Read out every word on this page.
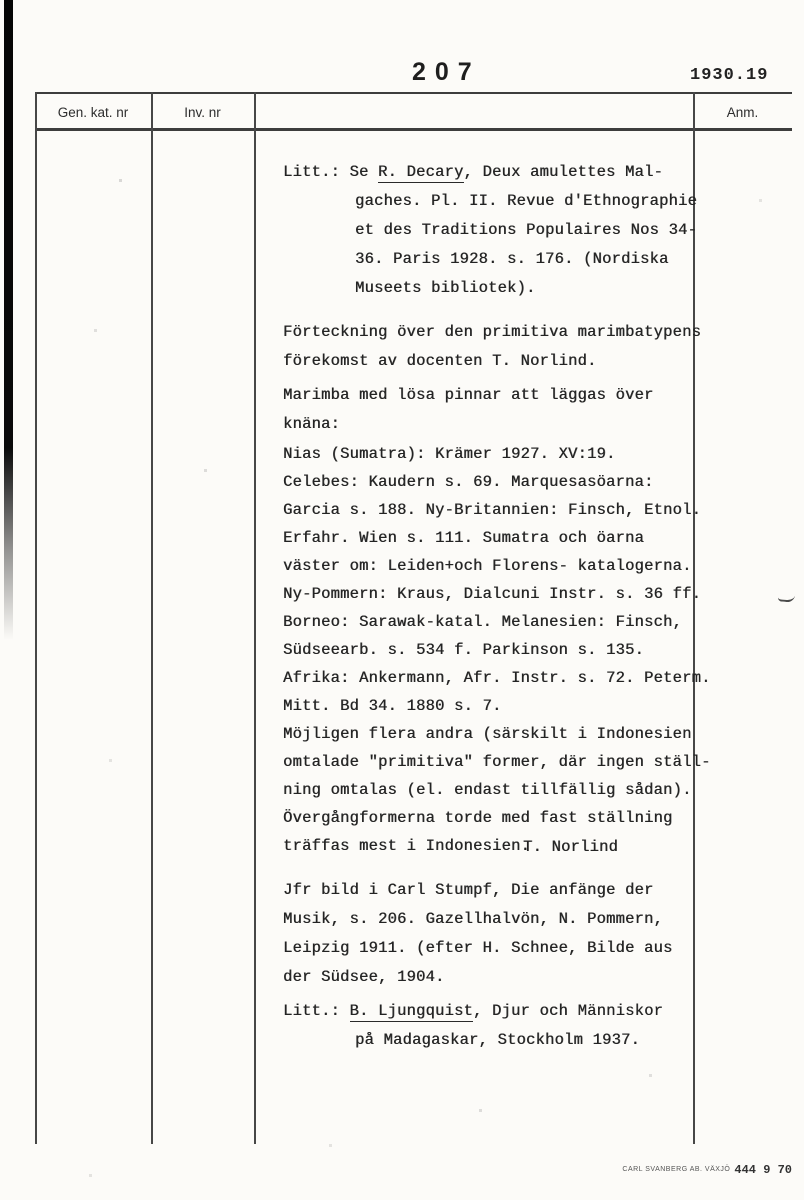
207	1930.19
Gen. kat. nr	Inv. nr	Anm.
Litt.: Se R. Decary, Deux amulettes Mal-
gaches. Pl. II. Revue d'Ethnographie
et des Traditions Populaires Nos 34-
36. Paris 1928. s. 176. (Nordiska
Museets bibliotek).
Förteckning över den primitiva marimbatypens
förekomst av docenten T. Norlind.
Marimba med lösa pinnar att läggas över
knäna:
Nias (Sumatra): Krämer 1927. XV:19.
Celebes: Kaudern s. 69. Marquesasöarna:
Garcia s. 188. Ny-Britannien: Finsch, Etnol.
Erfahr. Wien s. 111. Sumatra och öarna
väster om: Leiden+och Florens- katalogerna.
Ny-Pommern: Kraus, Dialcuni Instr. s. 36 ff.
Borneo: Sarawak-katal. Melanesien: Finsch,
Südseearb. s. 534 f. Parkinson s. 135.
Afrika: Ankermann, Afr. Instr. s. 72. Peterm.
Mitt. Bd 34. 1880 s. 7.
Möjligen flera andra (särskilt i Indonesien
omtalade "primitiva" former, där ingen ställ-
ning omtalas (el. endast tillfällig sådan).
Övergångformerna torde med fast ställning
träffas mest i Indonesien.
T. Norlind
Jfr bild i Carl Stumpf, Die anfänge der
Musik, s. 206. Gazellhalvön, N. Pommern,
Leipzig 1911. (efter H. Schnee, Bilde aus
der Südsee, 1904.
Litt.: B. Ljungquist, Djur och Människor
på Madagaskar, Stockholm 1937.
CARL SVANBERG AB. VÄXJÖ 444 9 70
